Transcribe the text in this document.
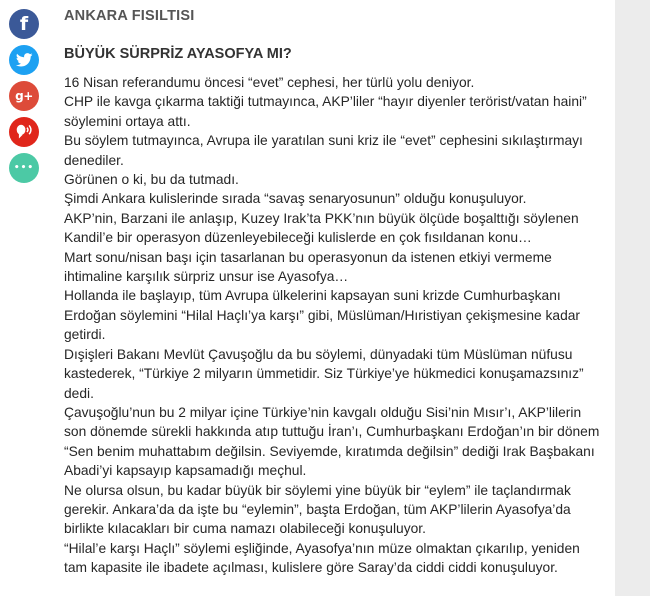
f
g+
•••
ANKARA FISILTISI
BÜYÜK SÜRPRİZ AYASOFYA MI?

16 Nisan referandumu öncesi “evet” cephesi, her türlü yolu deniyor.

CHP ile kavga çıkarma taktiği tutmayınca, AKP’liler “hayır diyenler terörist/vatan haini” söylemini ortaya attı.

Bu söylem tutmayınca, Avrupa ile yaratılan suni kriz ile “evet” cephesini sıkılaştırmayı denediler.

Görünen o ki, bu da tutmadı.

Şimdi Ankara kulislerinde sırada “savaş senaryosunun” olduğu konuşuluyor.

AKP’nin, Barzani ile anlaşıp, Kuzey Irak’ta PKK’nın büyük ölçüde boşalttığı söylenen Kandil’e bir operasyon düzenleyebileceği kulislerde en çok fısıldanan konu…

Mart sonu/nisan başı için tasarlanan bu operasyonun da istenen etkiyi vermeme ihtimaline karşılık sürpriz unsur ise Ayasofya…

Hollanda ile başlayıp, tüm Avrupa ülkelerini kapsayan suni krizde Cumhurbaşkanı Erdoğan söylemini “Hilal Haçlı’ya karşı” gibi, Müslüman/Hıristiyan çekişmesine kadar getirdi.

Dışişleri Bakanı Mevlüt Çavuşoğlu da bu söylemi, dünyadaki tüm Müslüman nüfusu kastederek, “Türkiye 2 milyarın ümmetidir. Siz Türkiye’ye hükmedici konuşamazsınız” dedi.

Çavuşoğlu’nun bu 2 milyar içine Türkiye’nin kavgalı olduğu Sisi’nin Mısır’ı, AKP’lilerin son dönemde sürekli hakkında atıp tuttuğu İran’ı, Cumhurbaşkanı Erdoğan’ın bir dönem “Sen benim muhattabım değilsin. Seviyemde, kıratımda değilsin” dediği Irak Başbakanı Abadi’yi kapsayıp kapsamadığı meçhul.

Ne olursa olsun, bu kadar büyük bir söylemi yine büyük bir “eylem” ile taçlandırmak gerekir. Ankara’da da işte bu “eylemin”, başta Erdoğan, tüm AKP’lilerin Ayasofya’da birlikte kılacakları bir cuma namazı olabileceği konuşuluyor.

“Hilal’e karşı Haçlı” söylemi eşliğinde, Ayasofya’nın müze olmaktan çıkarılıp, yeniden tam kapasite ile ibadete açılması, kulislere göre Saray’da ciddi ciddi konuşuluyor.
